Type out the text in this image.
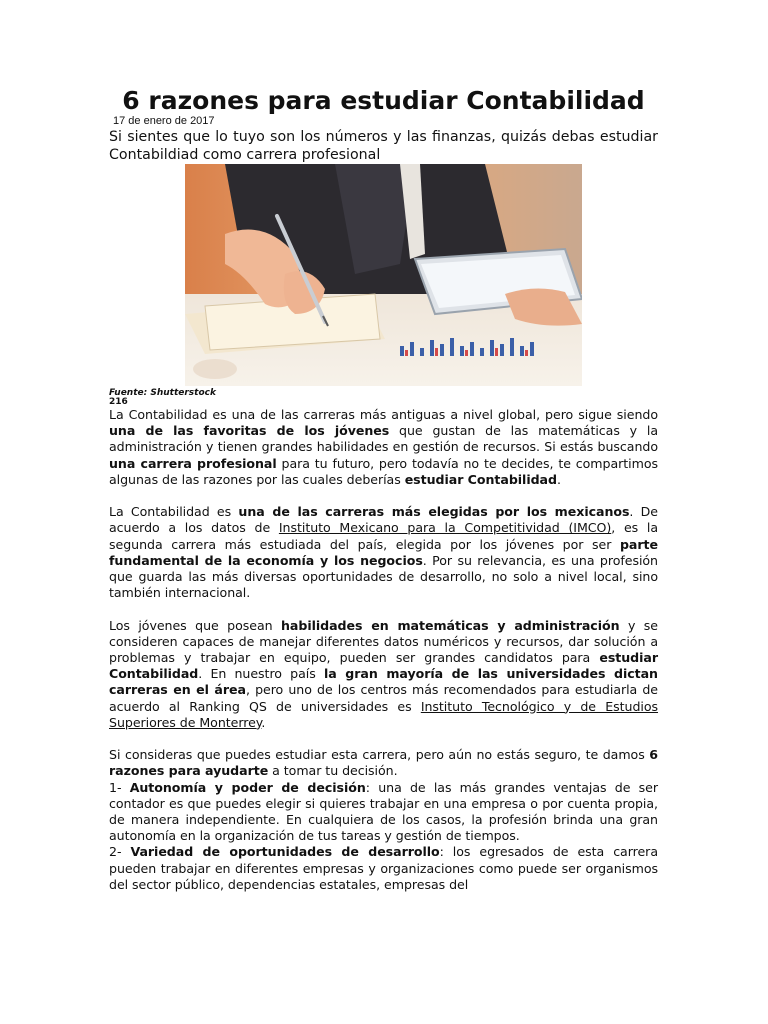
6 razones para estudiar Contabilidad
17 de enero de 2017

Si sientes que lo tuyo son los números y las finanzas, quizás debas estudiar Contabildiad como carrera profesional

Fuente: Shutterstock
216

La Contabilidad es una de las carreras más antiguas a nivel global, pero sigue siendo una de las favoritas de los jóvenes que gustan de las matemáticas y la administración y tienen grandes habilidades en gestión de recursos. Si estás buscando una carrera profesional para tu futuro, pero todavía no te decides, te compartimos algunas de las razones por las cuales deberías estudiar Contabilidad.

La Contabilidad es una de las carreras más elegidas por los mexicanos. De acuerdo a los datos de Instituto Mexicano para la Competitividad (IMCO), es la segunda carrera más estudiada del país, elegida por los jóvenes por ser parte fundamental de la economía y los negocios. Por su relevancia, es una profesión que guarda las más diversas oportunidades de desarrollo, no solo a nivel local, sino también internacional.

Los jóvenes que posean habilidades en matemáticas y administración y se consideren capaces de manejar diferentes datos numéricos y recursos, dar solución a problemas y trabajar en equipo, pueden ser grandes candidatos para estudiar Contabilidad. En nuestro país la gran mayoría de las universidades dictan carreras en el área, pero uno de los centros más recomendados para estudiarla de acuerdo al Ranking QS de universidades es Instituto Tecnológico y de Estudios Superiores de Monterrey.

Si consideras que puedes estudiar esta carrera, pero aún no estás seguro, te damos 6 razones para ayudarte a tomar tu decisión.

1- Autonomía y poder de decisión: una de las más grandes ventajas de ser contador es que puedes elegir si quieres trabajar en una empresa o por cuenta propia, de manera independiente. En cualquiera de los casos, la profesión brinda una gran autonomía en la organización de tus tareas y gestión de tiempos.

2- Variedad de oportunidades de desarrollo: los egresados de esta carrera pueden trabajar en diferentes empresas y organizaciones como puede ser organismos del sector público, dependencias estatales, empresas del
